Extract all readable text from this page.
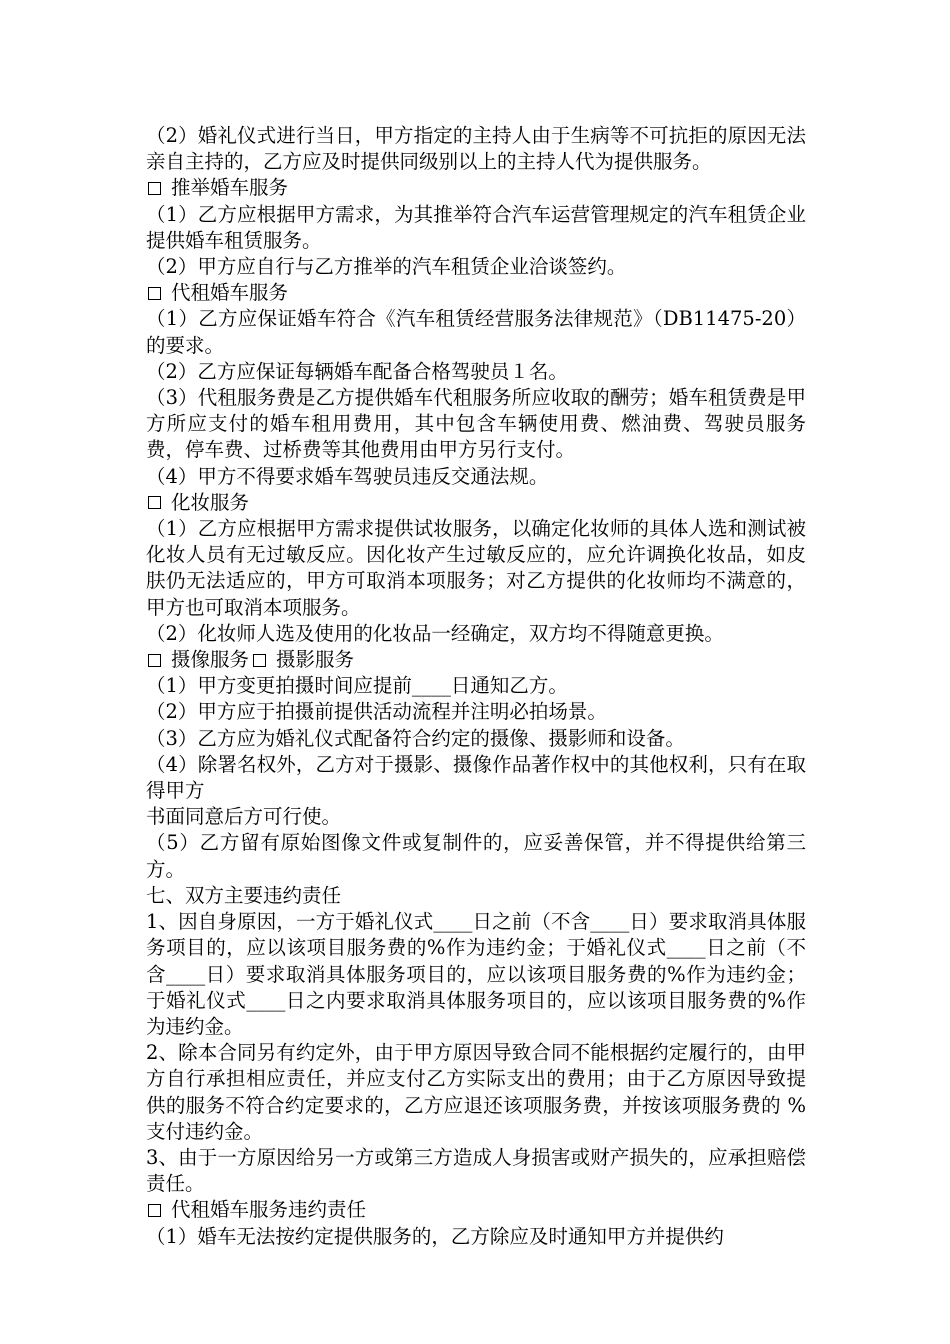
（2）婚礼仪式进行当日，甲方指定的主持人由于生病等不可抗拒的原因无法亲自主持的，乙方应及时提供同级别以上的主持人代为提供服务。

推举婚车服务

（1）乙方应根据甲方需求，为其推举符合汽车运营管理规定的汽车租赁企业提供婚车租赁服务。

（2）甲方应自行与乙方推举的汽车租赁企业洽谈签约。

代租婚车服务

（1）乙方应保证婚车符合《汽车租赁经营服务法律规范》（DB11475-20）的要求。

（2）乙方应保证每辆婚车配备合格驾驶员１名。

（3）代租服务费是乙方提供婚车代租服务所应收取的酬劳；婚车租赁费是甲方所应支付的婚车租用费用，其中包含车辆使用费、燃油费、驾驶员服务费，停车费、过桥费等其他费用由甲方另行支付。

（4）甲方不得要求婚车驾驶员违反交通法规。

化妆服务

（1）乙方应根据甲方需求提供试妆服务，以确定化妆师的具体人选和测试被化妆人员有无过敏反应。因化妆产生过敏反应的，应允许调换化妆品，如皮肤仍无法适应的，甲方可取消本项服务；对乙方提供的化妆师均不满意的，甲方也可取消本项服务。

（2）化妆师人选及使用的化妆品一经确定，双方均不得随意更换。

摄像服务 摄影服务

（1）甲方变更拍摄时间应提前____日通知乙方。

（2）甲方应于拍摄前提供活动流程并注明必拍场景。

（3）乙方应为婚礼仪式配备符合约定的摄像、摄影师和设备。

（4）除署名权外，乙方对于摄影、摄像作品著作权中的其他权利，只有在取得甲方

书面同意后方可行使。

（5）乙方留有原始图像文件或复制件的，应妥善保管，并不得提供给第三方。

七、双方主要违约责任

1、因自身原因，一方于婚礼仪式____日之前（不含____日）要求取消具体服务项目的，应以该项目服务费的%作为违约金；于婚礼仪式____日之前（不含____日）要求取消具体服务项目的，应以该项目服务费的%作为违约金；于婚礼仪式____日之内要求取消具体服务项目的，应以该项目服务费的%作为违约金。

2、除本合同另有约定外，由于甲方原因导致合同不能根据约定履行的，由甲方自行承担相应责任，并应支付乙方实际支出的费用；由于乙方原因导致提供的服务不符合约定要求的，乙方应退还该项服务费，并按该项服务费的 %支付违约金。

3、由于一方原因给另一方或第三方造成人身损害或财产损失的，应承担赔偿责任。

代租婚车服务违约责任

（1）婚车无法按约定提供服务的，乙方除应及时通知甲方并提供约
